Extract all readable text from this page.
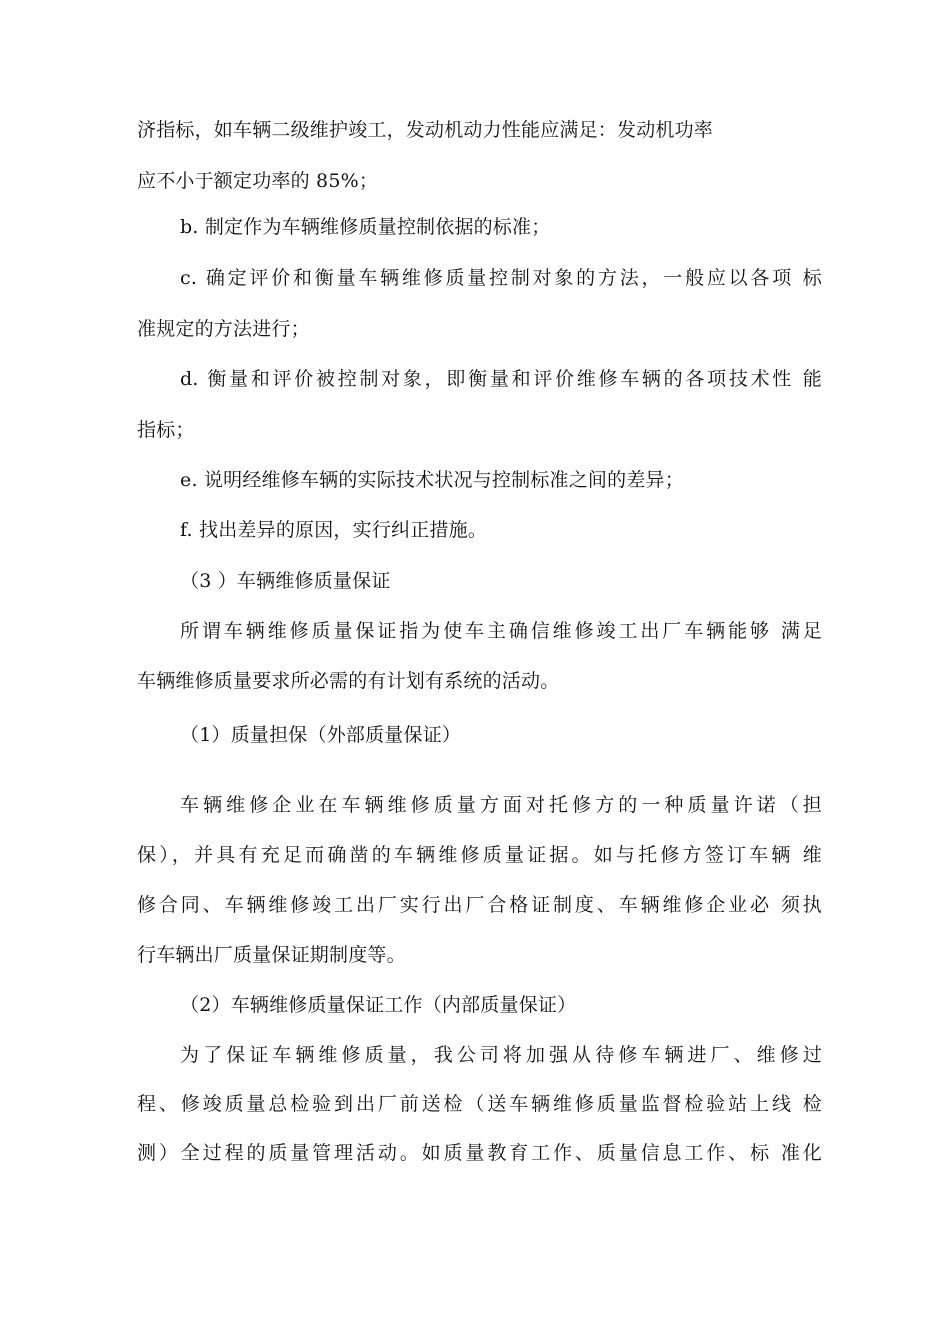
济指标，如车辆二级维护竣工，发动机动力性能应满足：发动机功率
应不小于额定功率的 85%；
b. 制定作为车辆维修质量控制依据的标准；
c. 确定评价和衡量车辆维修质量控制对象的方法，一般应以各项 标
准规定的方法进行；
d. 衡量和评价被控制对象，即衡量和评价维修车辆的各项技术性 能
指标；
e. 说明经维修车辆的实际技术状况与控制标准之间的差异；
f. 找出差异的原因，实行纠正措施。
（3 ）车辆维修质量保证
所谓车辆维修质量保证指为使车主确信维修竣工出厂车辆能够 满足
车辆维修质量要求所必需的有计划有系统的活动。
（1）质量担保（外部质量保证）
车辆维修企业在车辆维修质量方面对托修方的一种质量许诺（担
保），并具有充足而确凿的车辆维修质量证据。如与托修方签订车辆 维
修合同、车辆维修竣工出厂实行出厂合格证制度、车辆维修企业必 须执
行车辆出厂质量保证期制度等。
（2）车辆维修质量保证工作（内部质量保证）
为了保证车辆维修质量，我公司将加强从待修车辆进厂、维修过
程、修竣质量总检验到出厂前送检（送车辆维修质量监督检验站上线 检
测）全过程的质量管理活动。如质量教育工作、质量信息工作、标 准化
